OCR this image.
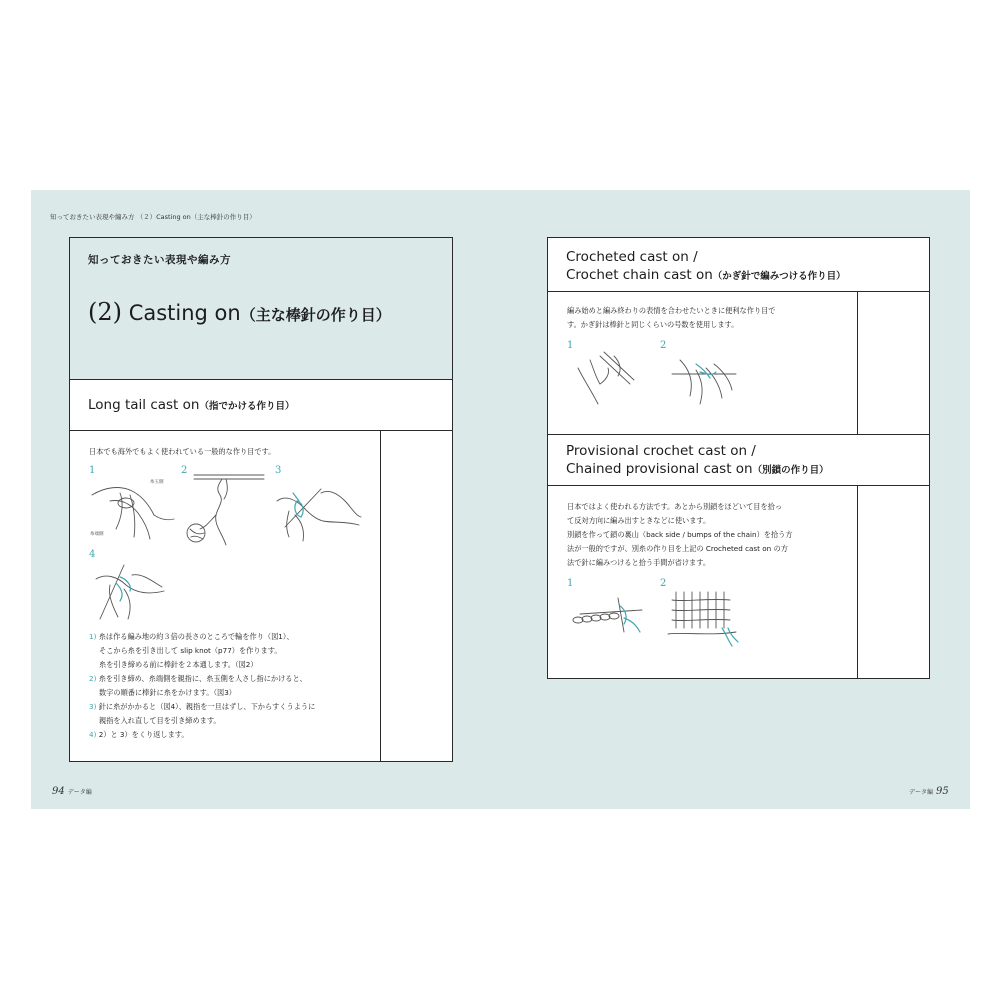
知っておきたい表現や編み方 （２）Casting on（主な棒針の作り目）
知っておきたい表現や編み方
(2) Casting on（主な棒針の作り目）
Long tail cast on（指でかける作り目）
日本でも海外でもよく使われている一般的な作り目です。
1	2	3
4
糸玉側
糸端側
1) 糸は作る編み地の約３倍の長さのところで輪を作り（図1）、
そこから糸を引き出して slip knot（p77）を作ります。
糸を引き締める前に棒針を２本通します。（図2）
2) 糸を引き締め、糸端側を親指に、糸玉側を人さし指にかけると、
数字の順番に棒針に糸をかけます。（図3）
3) 針に糸がかかると（図4）、親指を一旦はずし、下からすくうように
親指を入れ直して目を引き締めます。
4) 2）と 3）をくり返します。
94 データ編
Crocheted cast on /
Crochet chain cast on（かぎ針で編みつける作り目）
編み始めと編み終わりの表情を合わせたいときに便利な作り目で
す。かぎ針は棒針と同じくらいの号数を使用します。
1	2
Provisional crochet cast on /
Chained provisional cast on（別鎖の作り目）
日本ではよく使われる方法です。あとから別鎖をほどいて目を拾っ
て反対方向に編み出すときなどに使います。
別鎖を作って鎖の裏山（back side / bumps of the chain）を拾う方
法が一般的ですが、別糸の作り目を上記の Crocheted cast on の方
法で針に編みつけると拾う手間が省けます。
1	2
データ編 95
